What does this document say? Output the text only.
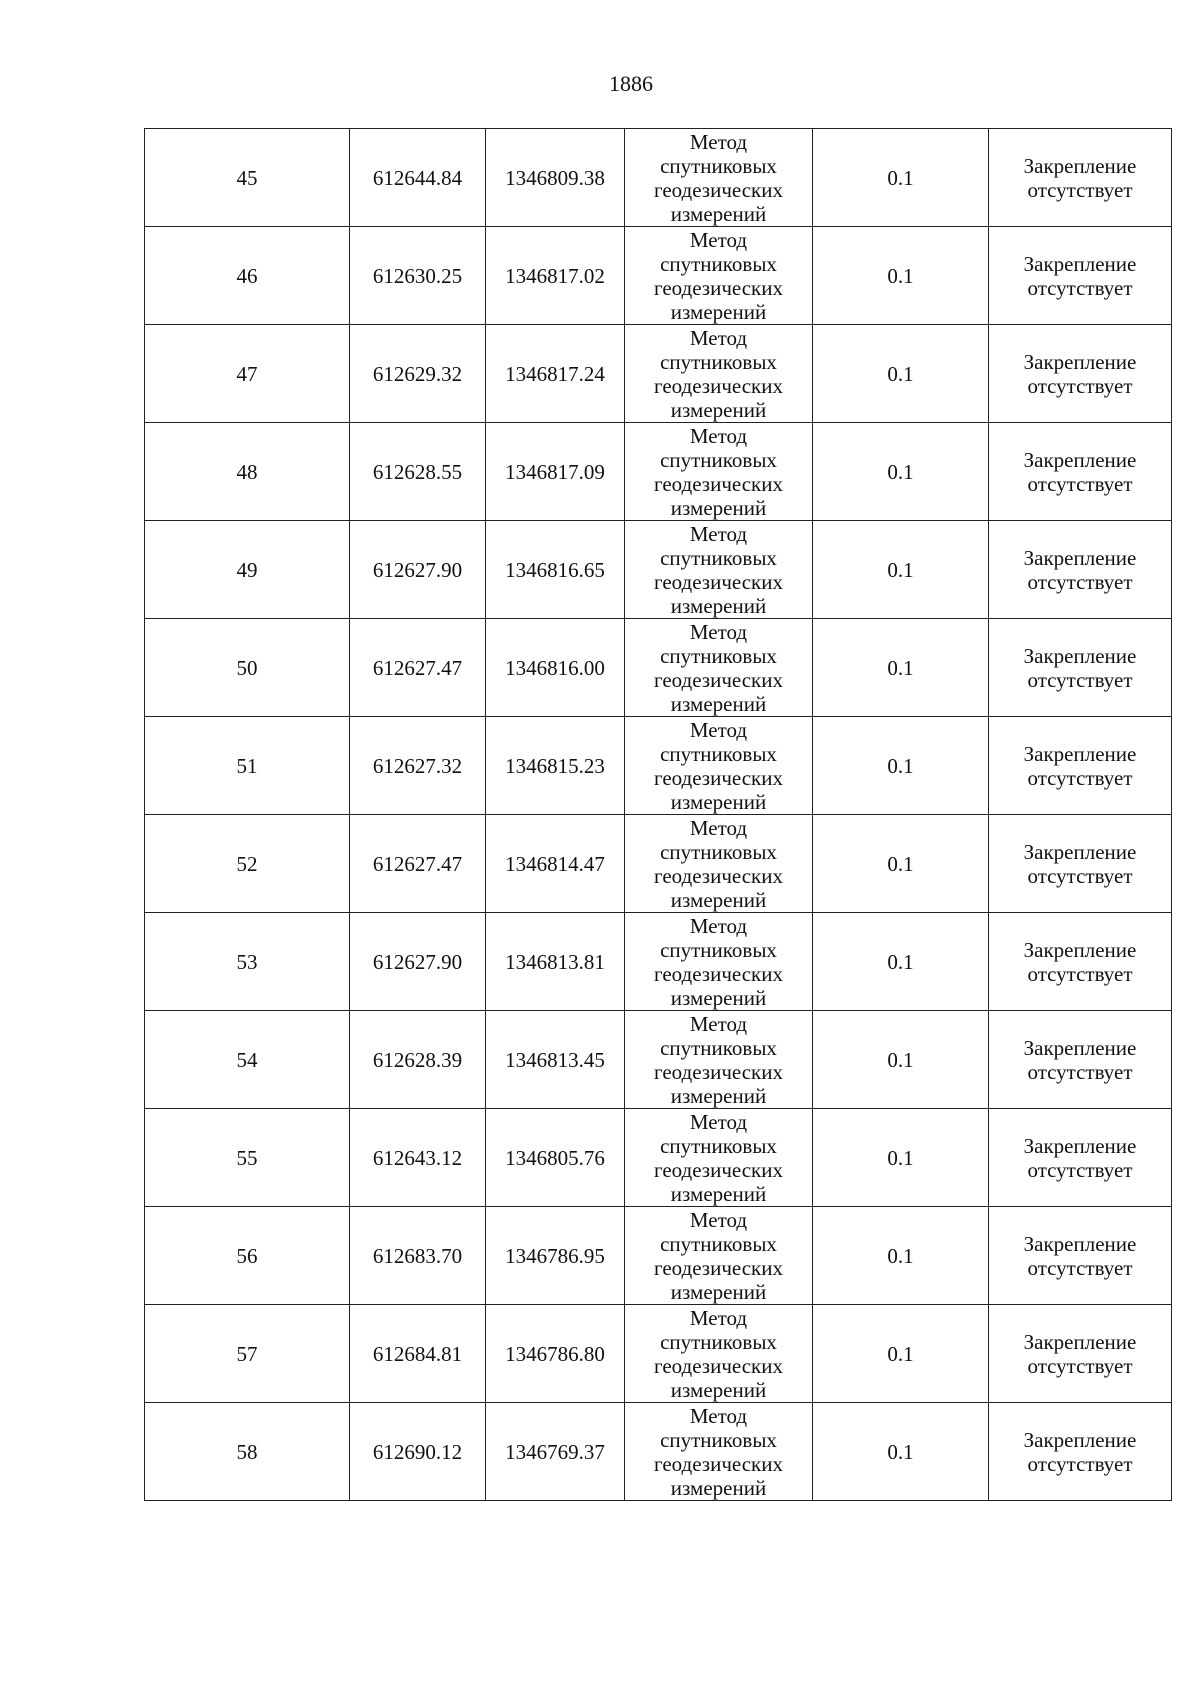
1886
45	612644.84	1346809.38	Метод
спутниковых
геодезических
измерений	0.1	Закрепление
отсутствует

46	612630.25	1346817.02	Метод
спутниковых
геодезических
измерений	0.1	Закрепление
отсутствует

47	612629.32	1346817.24	Метод
спутниковых
геодезических
измерений	0.1	Закрепление
отсутствует

48	612628.55	1346817.09	Метод
спутниковых
геодезических
измерений	0.1	Закрепление
отсутствует

49	612627.90	1346816.65	Метод
спутниковых
геодезических
измерений	0.1	Закрепление
отсутствует

50	612627.47	1346816.00	Метод
спутниковых
геодезических
измерений	0.1	Закрепление
отсутствует

51	612627.32	1346815.23	Метод
спутниковых
геодезических
измерений	0.1	Закрепление
отсутствует

52	612627.47	1346814.47	Метод
спутниковых
геодезических
измерений	0.1	Закрепление
отсутствует

53	612627.90	1346813.81	Метод
спутниковых
геодезических
измерений	0.1	Закрепление
отсутствует

54	612628.39	1346813.45	Метод
спутниковых
геодезических
измерений	0.1	Закрепление
отсутствует

55	612643.12	1346805.76	Метод
спутниковых
геодезических
измерений	0.1	Закрепление
отсутствует

56	612683.70	1346786.95	Метод
спутниковых
геодезических
измерений	0.1	Закрепление
отсутствует

57	612684.81	1346786.80	Метод
спутниковых
геодезических
измерений	0.1	Закрепление
отсутствует

58	612690.12	1346769.37	Метод
спутниковых
геодезических
измерений	0.1	Закрепление
отсутствует
